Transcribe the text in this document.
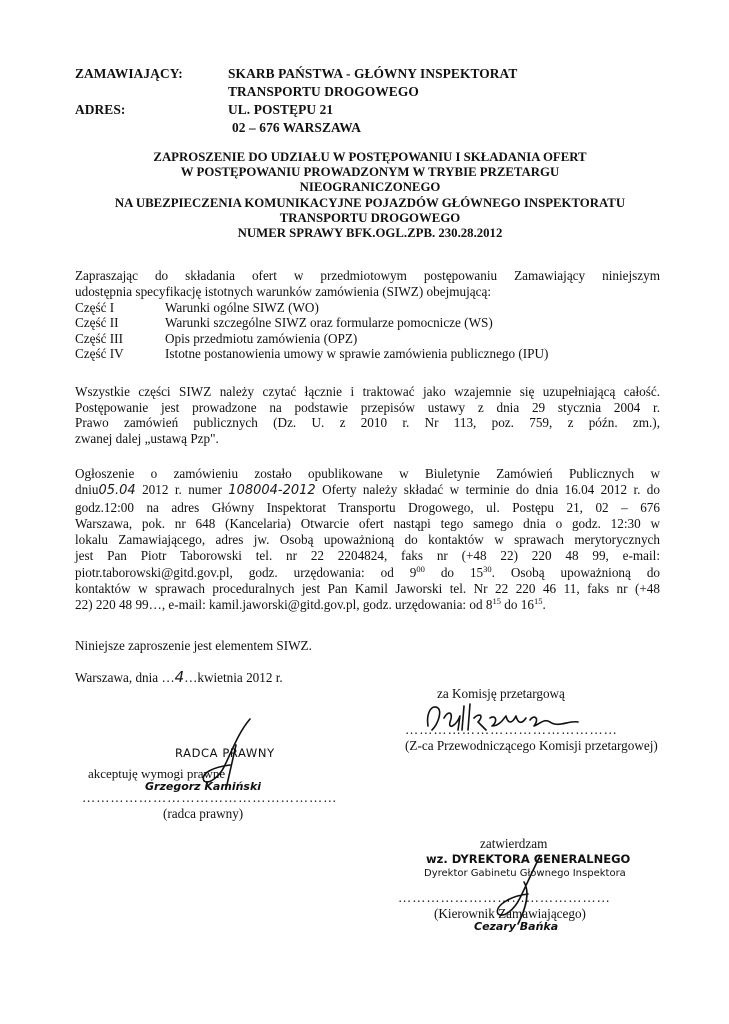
ZAMAWIAJĄCY:	SKARB PAŃSTWA - GŁÓWNY INSPEKTORAT
TRANSPORTU DROGOWEGO
ADRES:	UL. POSTĘPU 21
02 – 676 WARSZAWA
ZAPROSZENIE DO UDZIAŁU W POSTĘPOWANIU I SKŁADANIA OFERT
W POSTĘPOWANIU PROWADZONYM W TRYBIE PRZETARGU
NIEOGRANICZONEGO
NA UBEZPIECZENIA KOMUNIKACYJNE POJAZDÓW GŁÓWNEGO INSPEKTORATU
TRANSPORTU DROGOWEGO
NUMER SPRAWY BFK.OGL.ZPB. 230.28.2012
Zapraszając do składania ofert w przedmiotowym postępowaniu Zamawiający niniejszym
udostępnia specyfikację istotnych warunków zamówienia (SIWZ) obejmującą:
Część I	Warunki ogólne SIWZ (WO)
Część II	Warunki szczególne SIWZ oraz formularze pomocnicze (WS)
Część III	Opis przedmiotu zamówienia (OPZ)
Część IV	Istotne postanowienia umowy w sprawie zamówienia publicznego (IPU)
Wszystkie części SIWZ należy czytać łącznie i traktować jako wzajemnie się uzupełniającą całość.
Postępowanie jest prowadzone na podstawie przepisów ustawy z dnia 29 stycznia 2004 r.
Prawo zamówień publicznych (Dz. U. z 2010 r. Nr 113, poz. 759, z późn. zm.),
zwanej dalej „ustawą Pzp".
Ogłoszenie o zamówieniu zostało opublikowane w Biuletynie Zamówień Publicznych w
dniu05.04 2012 r. numer 108004-2012 Oferty należy składać w terminie do dnia 16.04 2012 r. do
godz.12:00 na adres Główny Inspektorat Transportu Drogowego, ul. Postępu 21, 02 – 676
Warszawa, pok. nr 648 (Kancelaria) Otwarcie ofert nastąpi tego samego dnia o godz. 12:30 w
lokalu Zamawiającego, adres jw. Osobą upoważnioną do kontaktów w sprawach merytorycznych
jest Pan Piotr Taborowski tel. nr 22 2204824, faks nr (+48 22) 220 48 99, e-mail:
piotr.taborowski@gitd.gov.pl, godz. urzędowania: od $9^{00}$ do $15^{30}$. Osobą upoważnioną do
kontaktów w sprawach proceduralnych jest Pan Kamil Jaworski tel. Nr 22 220 46 11, faks nr (+48
22) 220 48 99…, e-mail: kamil.jaworski@gitd.gov.pl, godz. urzędowania: od $8^{15}$ do $16^{15}$.
Niniejsze zaproszenie jest elementem SIWZ.
Warszawa, dnia …4…kwietnia 2012 r.
za Komisję przetargową
………………………………………
(Z-ca Przewodniczącego Komisji przetargowej)
RADCA PRAWNY
akceptuję wymogi prawne
Grzegorz Kamiński
………………………………………………
(radca prawny)
zatwierdzam
wz. DYREKTORA GENERALNEGO
Dyrektor Gabinetu Głównego Inspektora
………………………………………
(Kierownik Zamawiającego)
Cezary Bańka
